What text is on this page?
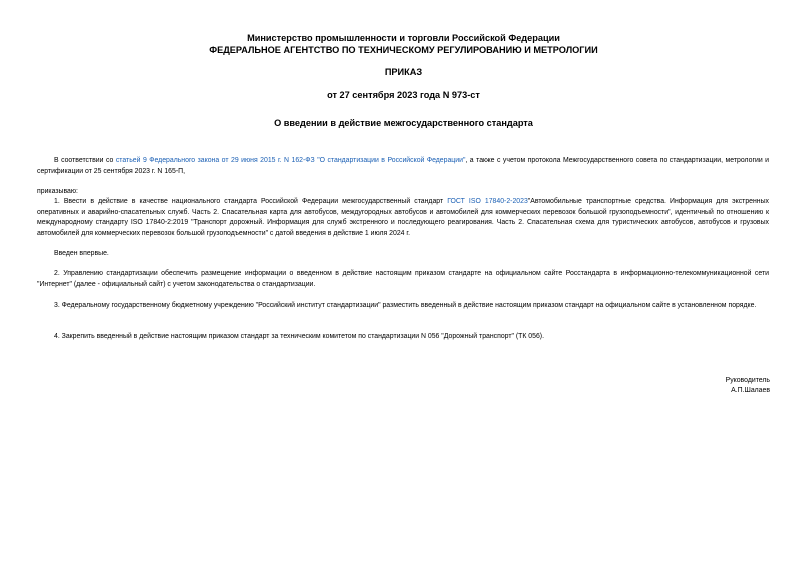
Министерство промышленности и торговли Российской Федерации
ФЕДЕРАЛЬНОЕ АГЕНТСТВО ПО ТЕХНИЧЕСКОМУ РЕГУЛИРОВАНИЮ И МЕТРОЛОГИИ
ПРИКАЗ
от 27 сентября 2023 года N 973-ст
О введении в действие межгосударственного стандарта

В соответствии со статьей 9 Федерального закона от 29 июня 2015 г. N 162-ФЗ "О стандартизации в Российской Федерации", а также с учетом протокола Межгосударственного совета по стандартизации, метрологии и сертификации от 25 сентября 2023 г. N 165-П,

приказываю:

1. Ввести в действие в качестве национального стандарта Российской Федерации межгосударственный стандарт ГОСТ ISO 17840-2-2023"Автомобильные транспортные средства. Информация для экстренных оперативных и аварийно-спасательных служб. Часть 2. Спасательная карта для автобусов, междугородных автобусов и автомобилей для коммерческих перевозок большой грузоподъемности", идентичный по отношению к международному стандарту ISO 17840-2:2019 "Транспорт дорожный. Информация для служб экстренного и последующего реагирования. Часть 2. Спасательная схема для туристических автобусов, автобусов и грузовых автомобилей для коммерческих перевозок большой грузоподъемности" с датой введения в действие 1 июля 2024 г.

Введен впервые.

2. Управлению стандартизации обеспечить размещение информации о введенном в действие настоящим приказом стандарте на официальном сайте Росстандарта в информационно-телекоммуникационной сети "Интернет" (далее - официальный сайт) с учетом законодательства о стандартизации.

3. Федеральному государственному бюджетному учреждению "Российский институт стандартизации" разместить введенный в действие настоящим приказом стандарт на официальном сайте в установленном порядке.

4. Закрепить введенный в действие настоящим приказом стандарт за техническим комитетом по стандартизации N 056 "Дорожный транспорт" (ТК 056).

Руководитель
А.П.Шалаев
